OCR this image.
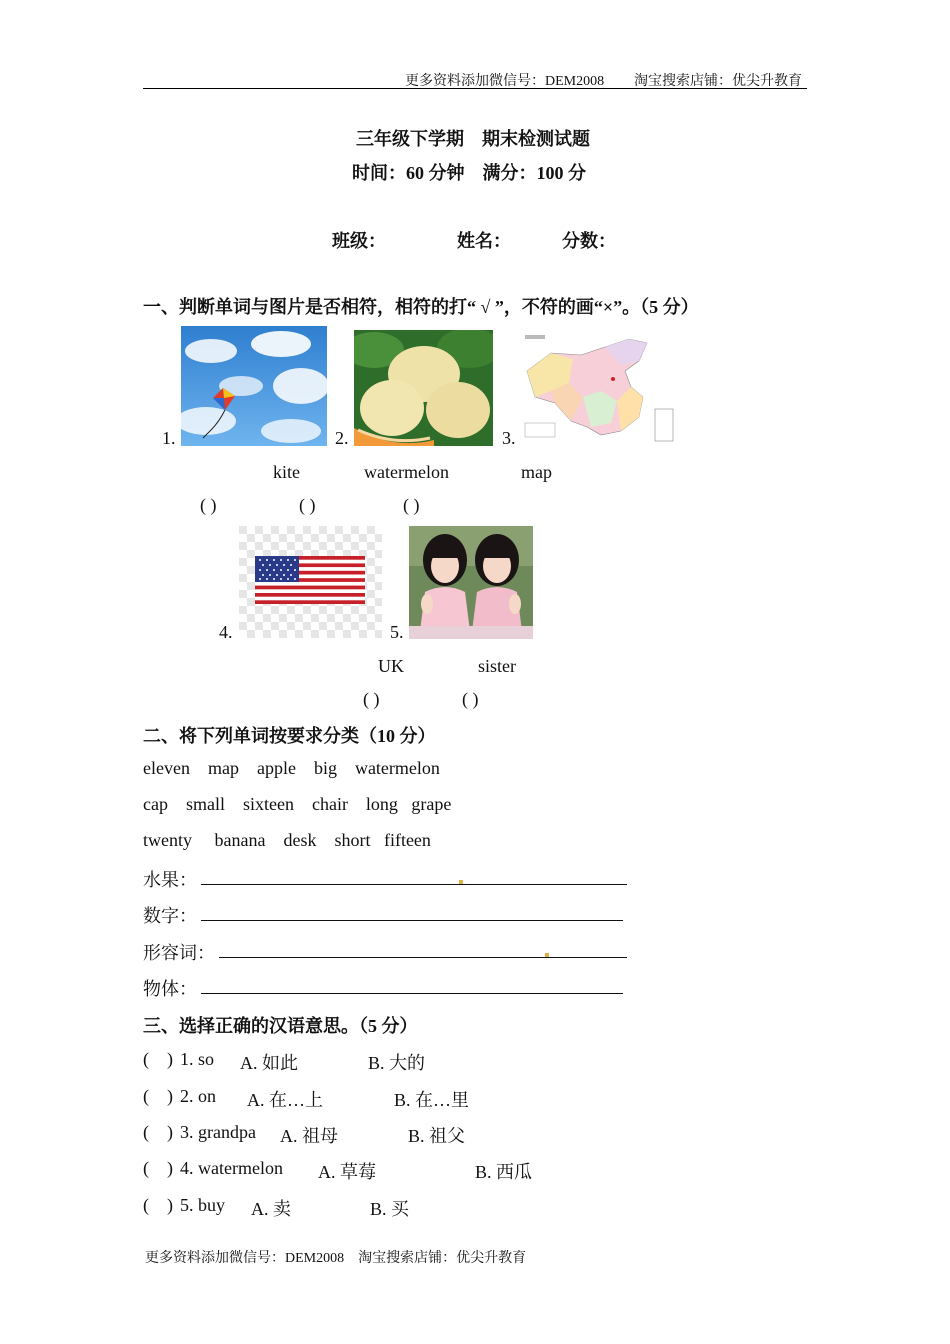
更多资料添加微信号：DEM2008 淘宝搜索店铺：优尖升教育
三年级下学期　期末检测试题
时间：60 分钟　满分：100 分
班级：	姓名：	分数：
一、判断单词与图片是否相符，相符的打“ √ ”，不符的画“×”。（5 分）
1.	2.	3.
kite	watermelon	map
( )	( )	( )
4.	5.
UK	sister
( )	( )
二、将下列单词按要求分类（10 分）
eleven    map    apple    big    watermelon
cap    small    sixteen    chair    long   grape
twenty     banana    desk    short   fifteen
水果：
数字：
形容词：
物体：
三、选择正确的汉语意思。（5 分）
(    ) 1. so A. 如此	B. 大的
(    ) 2. on A. 在…上	B. 在…里
(    ) 3. grandpa A. 祖母	B. 祖父
(    ) 4. watermelon A. 草莓	B. 西瓜
(    ) 5. buy A. 卖	B. 买
更多资料添加微信号：DEM2008    淘宝搜索店铺：优尖升教育
